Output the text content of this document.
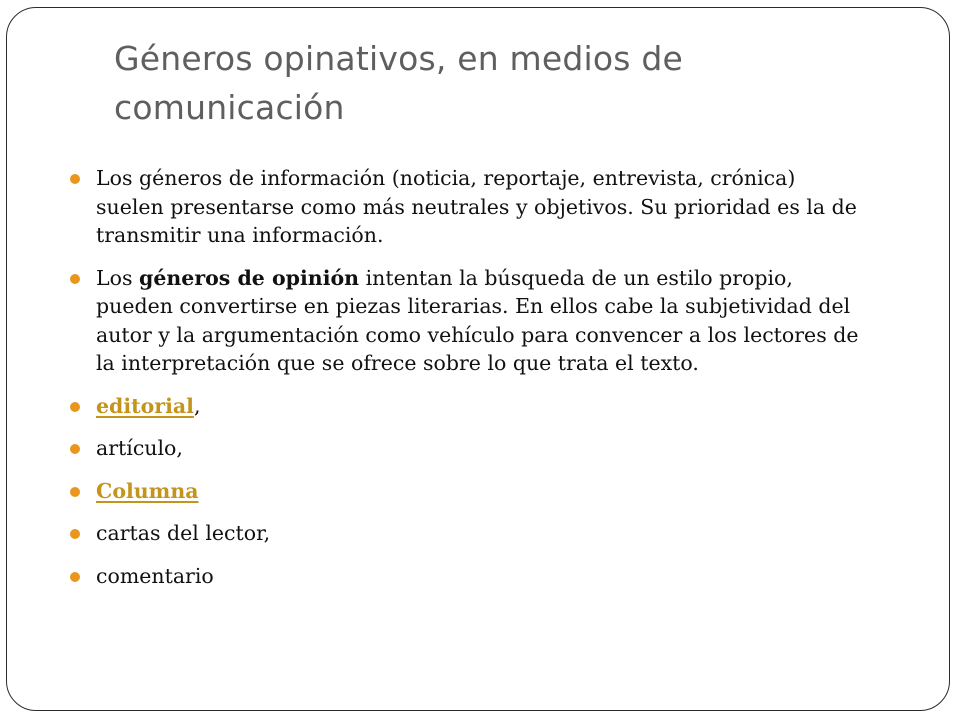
Géneros opinativos, en medios de comunicación
Los géneros de información (noticia, reportaje, entrevista, crónica) suelen presentarse como más neutrales y objetivos. Su prioridad es la de transmitir una información.
Los géneros de opinión intentan la búsqueda de un estilo propio, pueden convertirse en piezas literarias. En ellos cabe la subjetividad del autor y la argumentación como vehículo para convencer a los lectores de la interpretación que se ofrece sobre lo que trata el texto.
editorial,
artículo,
Columna
cartas del lector,
comentario
